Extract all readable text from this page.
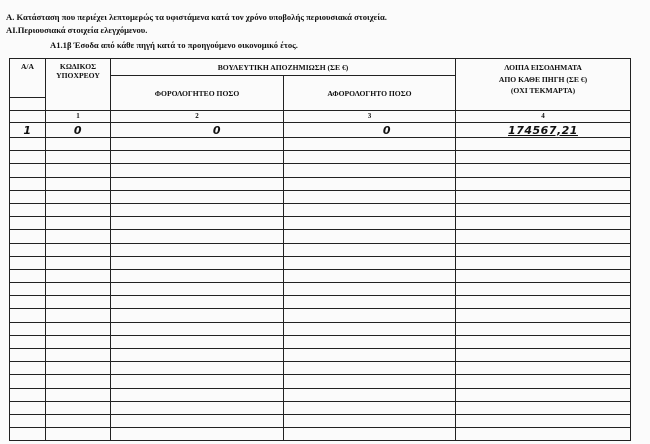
Α. Κατάσταση που περιέχει λεπτομερώς τα υφιστάμενα κατά τον χρόνο υποβολής περιουσιακά στοιχεία.
ΑΙ.Περιουσιακά στοιχεία ελεγχόμενου.
Α1.1β Έσοδα από κάθε πηγή κατά το προηγούμενο οικονομικό έτος.
Α/Α	ΚΩΔΙΚΟΣ ΥΠΟΧΡΕΟΥ	ΒΟΥΛΕΥΤΙΚΗ ΑΠΟΖΗΜΙΩΣΗ (ΣΕ €)		ΛΟΙΠΑ ΕΙΣΟΔΗΜΑΤΑ
ΑΠΟ ΚΑΘΕ ΠΗΓΗ (ΣΕ €)
(ΟΧΙ ΤΕΚΜΑΡΤΑ)

		ΦΟΡΟΛΟΓΗΤΕΟ ΠΟΣΟ	ΑΦΟΡΟΛΟΓΗΤΟ ΠΟΣΟ	

	1	2	3	4
1	0	0	0	174567,21
